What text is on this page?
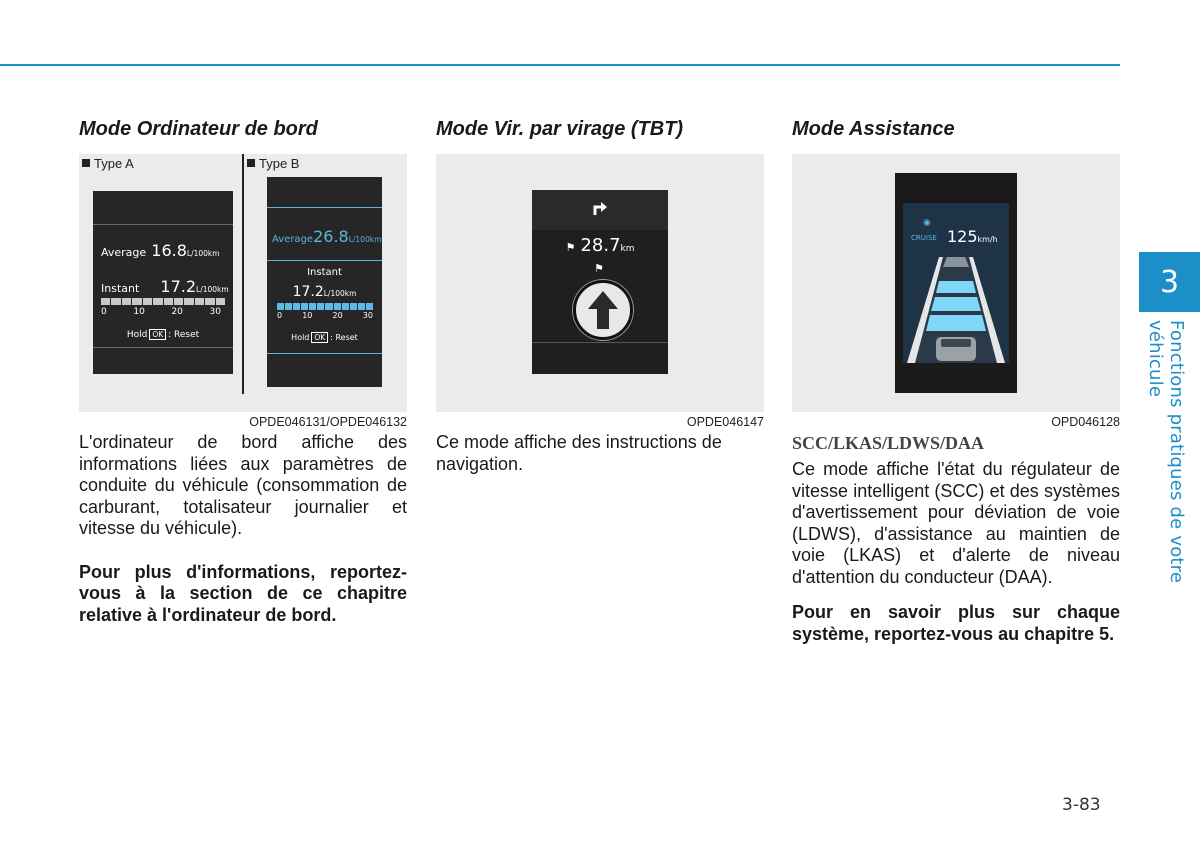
3
Fonctions pratiques de votre véhicule
Mode Ordinateur de bord
Type A	Type B
Average 16.8L/100km
Instant 17.2L/100km
0	10	20	30
Hold OK : Reset
Average26.8L/100km
Instant
17.2L/100km
0	10	20	30
Hold OK : Reset
OPDE046131/OPDE046132

L'ordinateur de bord affiche des informations liées aux paramètres de conduite du véhicule (consommation de carburant, totalisateur journalier et vitesse du véhicule).

Pour plus d'informations, reportez-vous à la section de ce chapitre relative à l'ordinateur de bord.

Mode Vir. par virage (TBT)
⚑ 28.7km
⚑
OPDE046147

Ce mode affiche des instructions de navigation.

Mode Assistance
◉
CRUISE 125km/h
OPD046128
SCC/LKAS/LDWS/DAA

Ce mode affiche l'état du régulateur de vitesse intelligent (SCC) et des systèmes d'avertissement pour déviation de voie (LDWS), d'assistance au maintien de voie (LKAS) et d'alerte de niveau d'attention du conducteur (DAA).

Pour en savoir plus sur chaque système, reportez-vous au chapitre 5.

3-83
